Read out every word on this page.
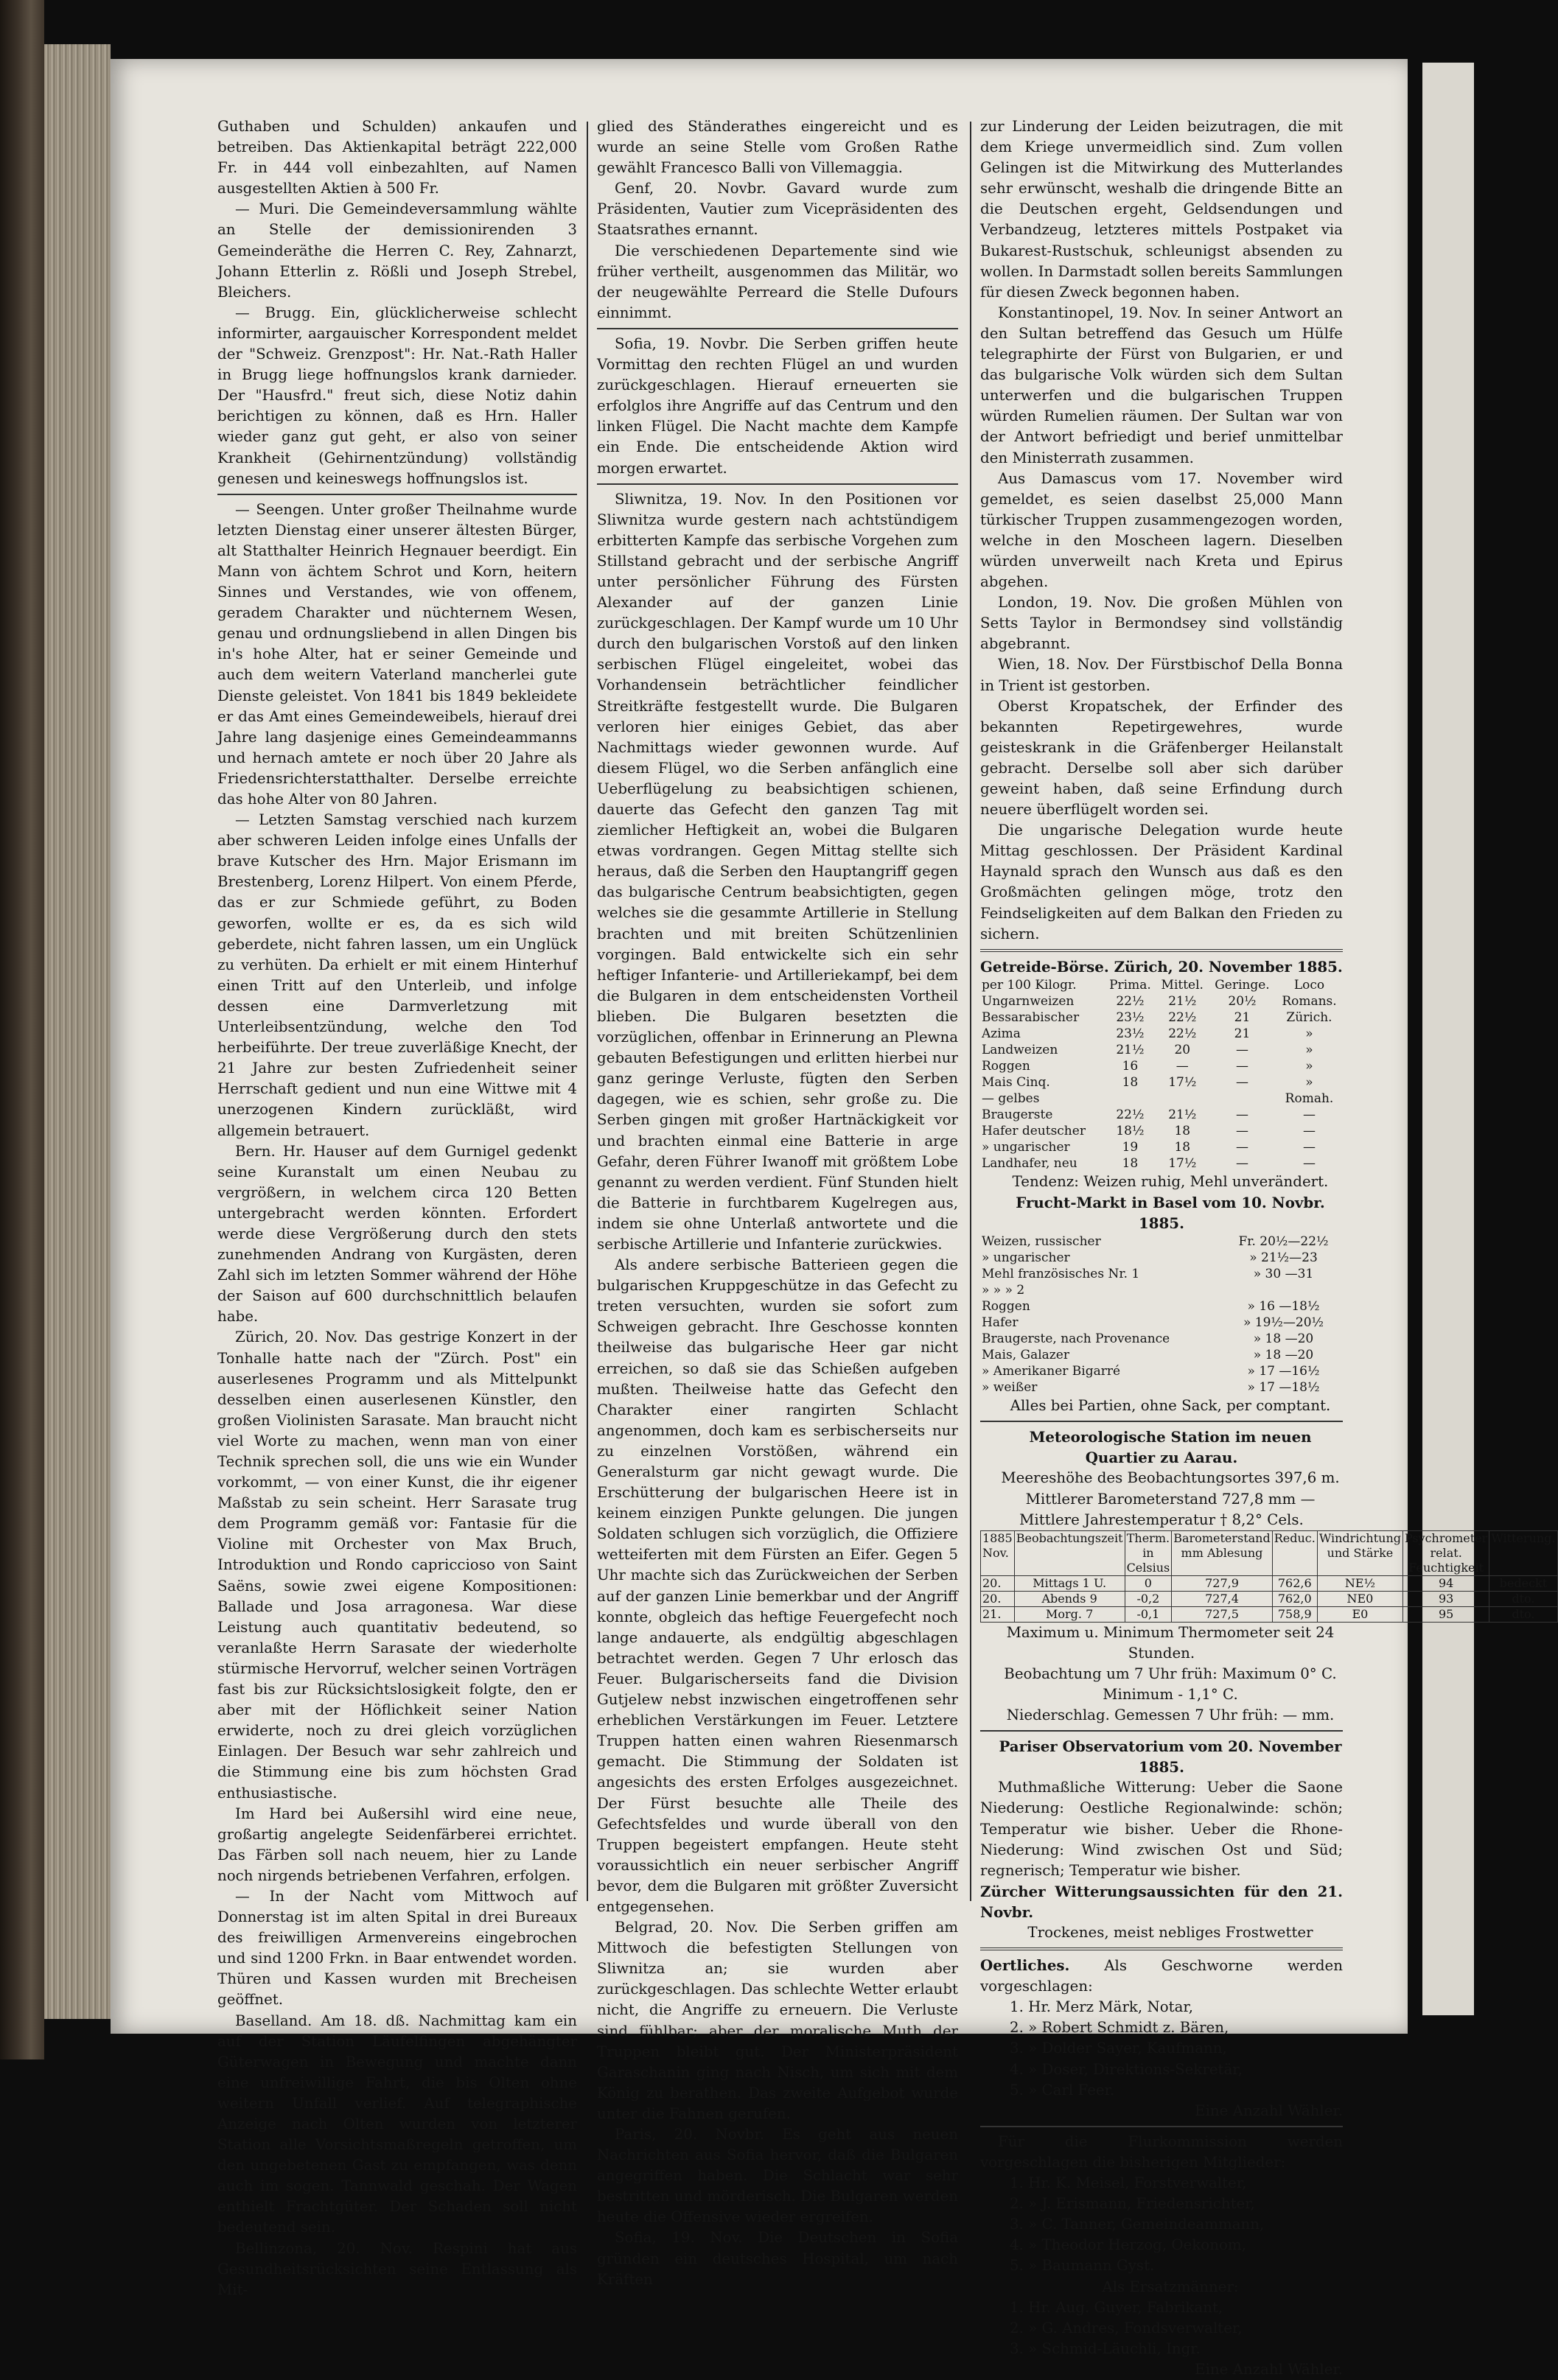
Guthaben und Schulden) ankaufen und betreiben. Das Aktienkapital beträgt 222,000 Fr. in 444 voll einbezahlten, auf Namen ausgestellten Aktien à 500 Fr.

— Muri. Die Gemeindeversammlung wählte an Stelle der demissionirenden 3 Gemeinderäthe die Herren C. Rey, Zahnarzt, Johann Etterlin z. Rößli und Joseph Strebel, Bleichers.

— Brugg. Ein, glücklicherweise schlecht informirter, aargauischer Korrespondent meldet der "Schweiz. Grenzpost": Hr. Nat.-Rath Haller in Brugg liege hoffnungslos krank darnieder. Der "Hausfrd." freut sich, diese Notiz dahin berichtigen zu können, daß es Hrn. Haller wieder ganz gut geht, er also von seiner Krankheit (Gehirnentzündung) vollständig genesen und keineswegs hoffnungslos ist.

— Seengen. Unter großer Theilnahme wurde letzten Dienstag einer unserer ältesten Bürger, alt Statthalter Heinrich Hegnauer beerdigt. Ein Mann von ächtem Schrot und Korn, heitern Sinnes und Verstandes, wie von offenem, geradem Charakter und nüchternem Wesen, genau und ordnungsliebend in allen Dingen bis in's hohe Alter, hat er seiner Gemeinde und auch dem weitern Vaterland mancherlei gute Dienste geleistet. Von 1841 bis 1849 bekleidete er das Amt eines Gemeindeweibels, hierauf drei Jahre lang dasjenige eines Gemeindeammanns und hernach amtete er noch über 20 Jahre als Friedensrichterstatthalter. Derselbe erreichte das hohe Alter von 80 Jahren.

— Letzten Samstag verschied nach kurzem aber schweren Leiden infolge eines Unfalls der brave Kutscher des Hrn. Major Erismann im Brestenberg, Lorenz Hilpert. Von einem Pferde, das er zur Schmiede geführt, zu Boden geworfen, wollte er es, da es sich wild geberdete, nicht fahren lassen, um ein Unglück zu verhüten. Da erhielt er mit einem Hinterhuf einen Tritt auf den Unterleib, und infolge dessen eine Darmverletzung mit Unterleibsentzündung, welche den Tod herbeiführte. Der treue zuverläßige Knecht, der 21 Jahre zur besten Zufriedenheit seiner Herrschaft gedient und nun eine Wittwe mit 4 unerzogenen Kindern zurückläßt, wird allgemein betrauert.

Bern. Hr. Hauser auf dem Gurnigel gedenkt seine Kuranstalt um einen Neubau zu vergrößern, in welchem circa 120 Betten untergebracht werden könnten. Erfordert werde diese Vergrößerung durch den stets zunehmenden Andrang von Kurgästen, deren Zahl sich im letzten Sommer während der Höhe der Saison auf 600 durchschnittlich belaufen habe.

Zürich, 20. Nov. Das gestrige Konzert in der Tonhalle hatte nach der "Zürch. Post" ein auserlesenes Programm und als Mittelpunkt desselben einen auserlesenen Künstler, den großen Violinisten Sarasate. Man braucht nicht viel Worte zu machen, wenn man von einer Technik sprechen soll, die uns wie ein Wunder vorkommt, — von einer Kunst, die ihr eigener Maßstab zu sein scheint. Herr Sarasate trug dem Programm gemäß vor: Fantasie für die Violine mit Orchester von Max Bruch, Introduktion und Rondo capriccioso von Saint Saëns, sowie zwei eigene Kompositionen: Ballade und Josa arragonesa. War diese Leistung auch quantitativ bedeutend, so veranlaßte Herrn Sarasate der wiederholte stürmische Hervorruf, welcher seinen Vorträgen fast bis zur Rücksichtslosigkeit folgte, den er aber mit der Höflichkeit seiner Nation erwiderte, noch zu drei gleich vorzüglichen Einlagen. Der Besuch war sehr zahlreich und die Stimmung eine bis zum höchsten Grad enthusiastische.

Im Hard bei Außersihl wird eine neue, großartig angelegte Seidenfärberei errichtet. Das Färben soll nach neuem, hier zu Lande noch nirgends betriebenen Verfahren, erfolgen.

— In der Nacht vom Mittwoch auf Donnerstag ist im alten Spital in drei Bureaux des freiwilligen Armenvereins eingebrochen und sind 1200 Frkn. in Baar entwendet worden. Thüren und Kassen wurden mit Brecheisen geöffnet.

Baselland. Am 18. dß. Nachmittag kam ein auf der Station Läufelfingen abgehängter Güterwagen in Bewegung und machte dann eine unfreiwillige Fahrt, die bis Olten ohne weitern Unfall verlief. Auf telegraphische Anzeige nach Olten wurden von letzterer Station alle Vorsichtsmaßregeln getroffen, um den ungebetenen Gast zu empfangen, was denn auch im sogen. Tannwald geschah. Der Wagen enthielt Frachtgüter. Der Schaden soll nicht bedeutend sein.

Bellinzona, 20. Nov. Respini hat aus Gesundheitsrücksichten seine Entlassung als Mit-

glied des Ständerathes eingereicht und es wurde an seine Stelle vom Großen Rathe gewählt Francesco Balli von Villemaggia.

Genf, 20. Novbr. Gavard wurde zum Präsidenten, Vautier zum Vicepräsidenten des Staatsrathes ernannt.

Die verschiedenen Departemente sind wie früher vertheilt, ausgenommen das Militär, wo der neugewählte Perreard die Stelle Dufours einnimmt.

Sofia, 19. Novbr. Die Serben griffen heute Vormittag den rechten Flügel an und wurden zurückgeschlagen. Hierauf erneuerten sie erfolglos ihre Angriffe auf das Centrum und den linken Flügel. Die Nacht machte dem Kampfe ein Ende. Die entscheidende Aktion wird morgen erwartet.

Sliwnitza, 19. Nov. In den Positionen vor Sliwnitza wurde gestern nach achtstündigem erbitterten Kampfe das serbische Vorgehen zum Stillstand gebracht und der serbische Angriff unter persönlicher Führung des Fürsten Alexander auf der ganzen Linie zurückgeschlagen. Der Kampf wurde um 10 Uhr durch den bulgarischen Vorstoß auf den linken serbischen Flügel eingeleitet, wobei das Vorhandensein beträchtlicher feindlicher Streitkräfte festgestellt wurde. Die Bulgaren verloren hier einiges Gebiet, das aber Nachmittags wieder gewonnen wurde. Auf diesem Flügel, wo die Serben anfänglich eine Ueberflügelung zu beabsichtigen schienen, dauerte das Gefecht den ganzen Tag mit ziemlicher Heftigkeit an, wobei die Bulgaren etwas vordrangen. Gegen Mittag stellte sich heraus, daß die Serben den Hauptangriff gegen das bulgarische Centrum beabsichtigten, gegen welches sie die gesammte Artillerie in Stellung brachten und mit breiten Schützenlinien vorgingen. Bald entwickelte sich ein sehr heftiger Infanterie- und Artilleriekampf, bei dem die Bulgaren in dem entscheidensten Vortheil blieben. Die Bulgaren besetzten die vorzüglichen, offenbar in Erinnerung an Plewna gebauten Befestigungen und erlitten hierbei nur ganz geringe Verluste, fügten den Serben dagegen, wie es schien, sehr große zu. Die Serben gingen mit großer Hartnäckigkeit vor und brachten einmal eine Batterie in arge Gefahr, deren Führer Iwanoff mit größtem Lobe genannt zu werden verdient. Fünf Stunden hielt die Batterie in furchtbarem Kugelregen aus, indem sie ohne Unterlaß antwortete und die serbische Artillerie und Infanterie zurückwies.

Als andere serbische Batterieen gegen die bulgarischen Kruppgeschütze in das Gefecht zu treten versuchten, wurden sie sofort zum Schweigen gebracht. Ihre Geschosse konnten theilweise das bulgarische Heer gar nicht erreichen, so daß sie das Schießen aufgeben mußten. Theilweise hatte das Gefecht den Charakter einer rangirten Schlacht angenommen, doch kam es serbischerseits nur zu einzelnen Vorstößen, während ein Generalsturm gar nicht gewagt wurde. Die Erschütterung der bulgarischen Heere ist in keinem einzigen Punkte gelungen. Die jungen Soldaten schlugen sich vorzüglich, die Offiziere wetteiferten mit dem Fürsten an Eifer. Gegen 5 Uhr machte sich das Zurückweichen der Serben auf der ganzen Linie bemerkbar und der Angriff konnte, obgleich das heftige Feuergefecht noch lange andauerte, als endgültig abgeschlagen betrachtet werden. Gegen 7 Uhr erlosch das Feuer. Bulgarischerseits fand die Division Gutjelew nebst inzwischen eingetroffenen sehr erheblichen Verstärkungen im Feuer. Letztere Truppen hatten einen wahren Riesenmarsch gemacht. Die Stimmung der Soldaten ist angesichts des ersten Erfolges ausgezeichnet. Der Fürst besuchte alle Theile des Gefechtsfeldes und wurde überall von den Truppen begeistert empfangen. Heute steht voraussichtlich ein neuer serbischer Angriff bevor, dem die Bulgaren mit größter Zuversicht entgegensehen.

Belgrad, 20. Nov. Die Serben griffen am Mittwoch die befestigten Stellungen von Sliwnitza an; sie wurden aber zurückgeschlagen. Das schlechte Wetter erlaubt nicht, die Angriffe zu erneuern. Die Verluste sind fühlbar; aber der moralische Muth der Truppen bleibt gut. Der Ministerpräsident Garaschanin ging nach Nisch, um sich mit dem König zu berathen. Das zweite Aufgebot wurde unter die Fahnen gerufen.

Paris, 20. Novbr. Es geht aus neuen Nachrichten aus Sofia hervor, daß die Bulgaren angegriffen haben. Die Schlacht war sehr bestritten und mörderisch. Die Bulgaren werden heute die Offensive wieder ergreifen.

Sofia, 19. Nov. Die Deutschen in Sofia gründen ein deutsches Hospital, um nach Kräften

zur Linderung der Leiden beizutragen, die mit dem Kriege unvermeidlich sind. Zum vollen Gelingen ist die Mitwirkung des Mutterlandes sehr erwünscht, weshalb die dringende Bitte an die Deutschen ergeht, Geldsendungen und Verbandzeug, letzteres mittels Postpaket via Bukarest-Rustschuk, schleunigst absenden zu wollen. In Darmstadt sollen bereits Sammlungen für diesen Zweck begonnen haben.

Konstantinopel, 19. Nov. In seiner Antwort an den Sultan betreffend das Gesuch um Hülfe telegraphirte der Fürst von Bulgarien, er und das bulgarische Volk würden sich dem Sultan unterwerfen und die bulgarischen Truppen würden Rumelien räumen. Der Sultan war von der Antwort befriedigt und berief unmittelbar den Ministerrath zusammen.

Aus Damascus vom 17. November wird gemeldet, es seien daselbst 25,000 Mann türkischer Truppen zusammengezogen worden, welche in den Moscheen lagern. Dieselben würden unverweilt nach Kreta und Epirus abgehen.

London, 19. Nov. Die großen Mühlen von Setts Taylor in Bermondsey sind vollständig abgebrannt.

Wien, 18. Nov. Der Fürstbischof Della Bonna in Trient ist gestorben.

Oberst Kropatschek, der Erfinder des bekannten Repetirgewehres, wurde geisteskrank in die Gräfenberger Heilanstalt gebracht. Derselbe soll aber sich darüber geweint haben, daß seine Erfindung durch neuere überflügelt worden sei.

Die ungarische Delegation wurde heute Mittag geschlossen. Der Präsident Kardinal Haynald sprach den Wunsch aus daß es den Großmächten gelingen möge, trotz den Feindseligkeiten auf dem Balkan den Frieden zu sichern.

Getreide-Börse. Zürich, 20. November 1885.

per 100 Kilogr.	Prima.	Mittel.	Geringe.	Loco
Ungarnweizen	22½	21½	20½	Romans.
Bessarabischer	23½	22½	21	Zürich.
Azima	23½	22½	21	»
Landweizen	21½	20	—	»
Roggen	16	—	—	»
Mais Cinq.	18	17½	—	»
— gelbes				Romah.
Braugerste	22½	21½	—	—
Hafer deutscher	18½	18	—	—
» ungarischer	19	18	—	—
Landhafer, neu	18	17½	—	—

Tendenz: Weizen ruhig, Mehl unverändert.

Frucht-Markt in Basel vom 10. Novbr. 1885.

Weizen, russischer	Fr. 20½—22½
» ungarischer	» 21½—23
Mehl französisches Nr. 1	» 30 —31
» » » 2	
Roggen	» 16 —18½
Hafer	» 19½—20½
Braugerste, nach Provenance	» 18 —20
Mais, Galazer	» 18 —20
» Amerikaner Bigarré	» 17 —16½
» weißer	» 17 —18½

Alles bei Partien, ohne Sack, per comptant.

Meteorologische Station im neuen Quartier zu Aarau.

Meereshöhe des Beobachtungsortes 397,6 m.

Mittlerer Barometerstand 727,8 mm —Mittlere Jahrestemperatur † 8,2° Cels.

1885 Nov.	Beobachtungszeit	Therm. in Celsius	Barometerstand mm Ablesung	Reduc.	Windrichtung und Stärke	Psychrometer relat. Feuchtigkeit	Witterung.
20.	Mittags 1 U.	0	727,9	762,6	NE½	94	bedeckt
20.	Abends 9	-0,2	727,4	762,0	NE0	93	dto.
21.	Morg. 7	-0,1	727,5	758,9	E0	95	dto.

Maximum u. Minimum Thermometer seit 24 Stunden.

Beobachtung um 7 Uhr früh: Maximum 0° C.

Minimum - 1,1° C.

Niederschlag. Gemessen 7 Uhr früh: — mm.

Pariser Observatorium vom 20. November 1885.

Muthmaßliche Witterung: Ueber die Saone Niederung: Oestliche Regionalwinde: schön; Temperatur wie bisher. Ueber die Rhone-Niederung: Wind zwischen Ost und Süd; regnerisch; Temperatur wie bisher.

Zürcher Witterungsaussichten für den 21. Novbr.

Trockenes, meist nebliges Frostwetter

Oertliches. Als Geschworne werden vorgeschlagen:

1. Hr. Merz Märk, Notar,

2. » Robert Schmidt z. Bären,

3. » Dolder Sayer, Kaufmann,

4. » Doser, Direktions-Sekretär,

5. » Carl Feer.

Eine Anzahl Wähler.

Für die Flurkommission werden vorgeschlagen die bisherigen Mitglieder:

1. Hr. K. Meisel, Forstverwalter,

2. » J. Erismann, Friedensrichter,

3. » C. Tanner, Gemeindeammann,

4. » Theodor Herzog, Oekonom,

5. » Baumann Gyst.

Als Ersatzmänner:

1. Hr. Aug. Guyer, Fabrikant,

2. » G. Andres, Fondsverwalter,

3. » Schmid-Läuchli, Ingr.

Eine Anzahl Wähler.
